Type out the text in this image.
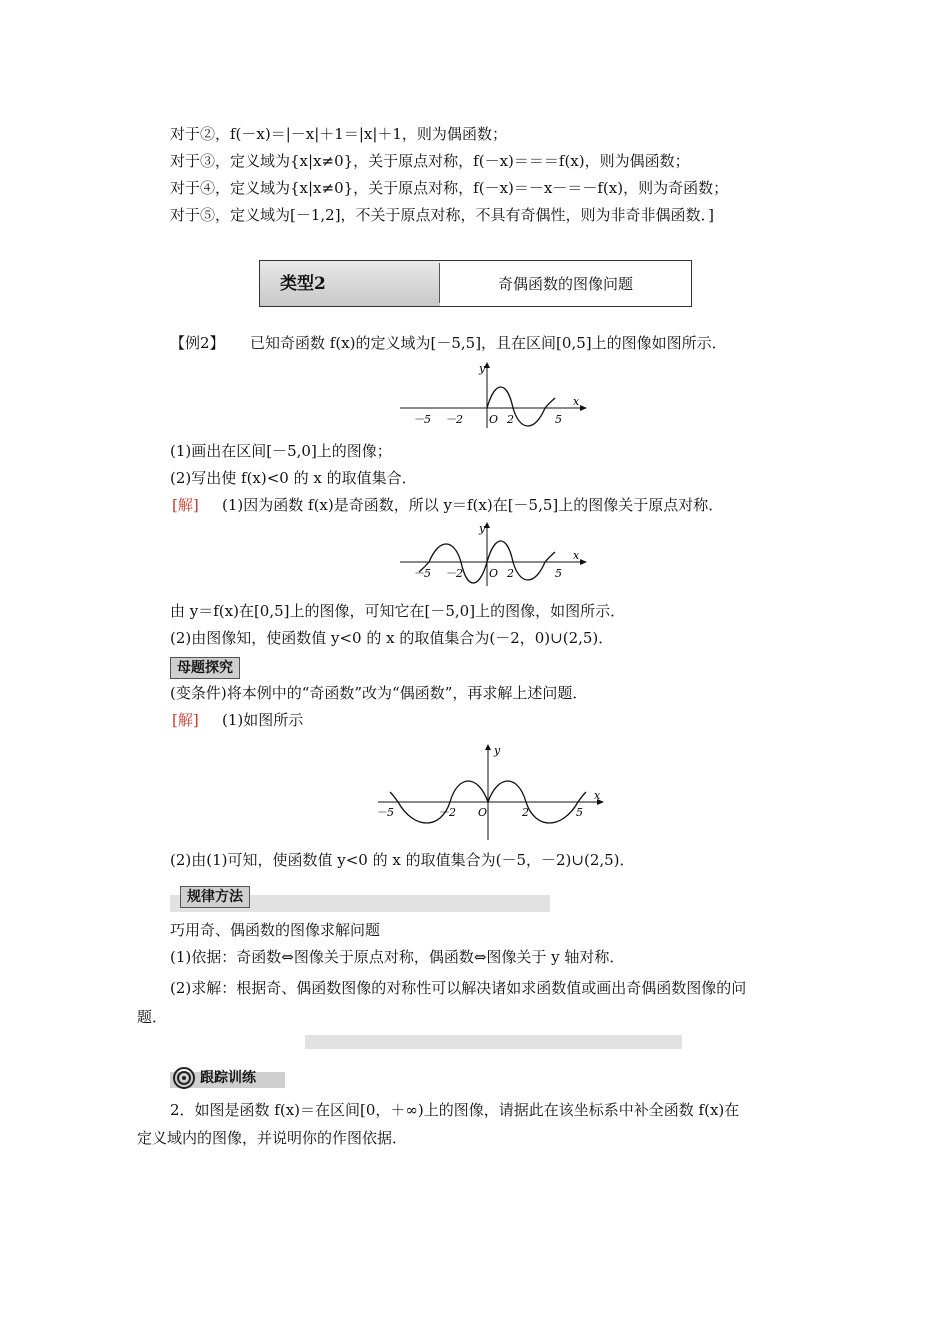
对于②，f(－x)＝|－x|＋1＝|x|＋1，则为偶函数；
对于③，定义域为{x|x≠0}，关于原点对称，f(－x)＝＝＝f(x)，则为偶函数；
对于④，定义域为{x|x≠0}，关于原点对称，f(－x)＝－x－＝－f(x)，则为奇函数；
对于⑤，定义域为[－1,2]，不关于原点对称，不具有奇偶性，则为非奇非偶函数．]
类型2	奇偶函数的图像问题
【例2】 已知奇函数 f(x)的定义域为[－5,5]，且在区间[0,5]上的图像如图所示．
y
x
O
－5 －2	2	5
(1)画出在区间[－5,0]上的图像；
(2)写出使 f(x)<0 的 x 的取值集合．
[解] (1)因为函数 f(x)是奇函数，所以 y＝f(x)在[－5,5]上的图像关于原点对称．
y
x
O
－5 －2	2	5
由 y＝f(x)在[0,5]上的图像，可知它在[－5,0]上的图像，如图所示．
(2)由图像知，使函数值 y<0 的 x 的取值集合为(－2，0)∪(2,5)．
母题探究
(变条件)将本例中的“奇函数”改为“偶函数”，再求解上述问题．
[解] (1)如图所示
y
x
O
－5	－2	2	5
(2)由(1)可知，使函数值 y<0 的 x 的取值集合为(－5，－2)∪(2,5)．
规律方法
巧用奇、偶函数的图像求解问题
(1)依据：奇函数⇔图像关于原点对称，偶函数⇔图像关于 y 轴对称．
(2)求解：根据奇、偶函数图像的对称性可以解决诸如求函数值或画出奇偶函数图像的问
题．
跟踪训练
2．如图是函数 f(x)＝在区间[0，＋∞)上的图像，请据此在该坐标系中补全函数 f(x)在
定义域内的图像，并说明你的作图依据．
